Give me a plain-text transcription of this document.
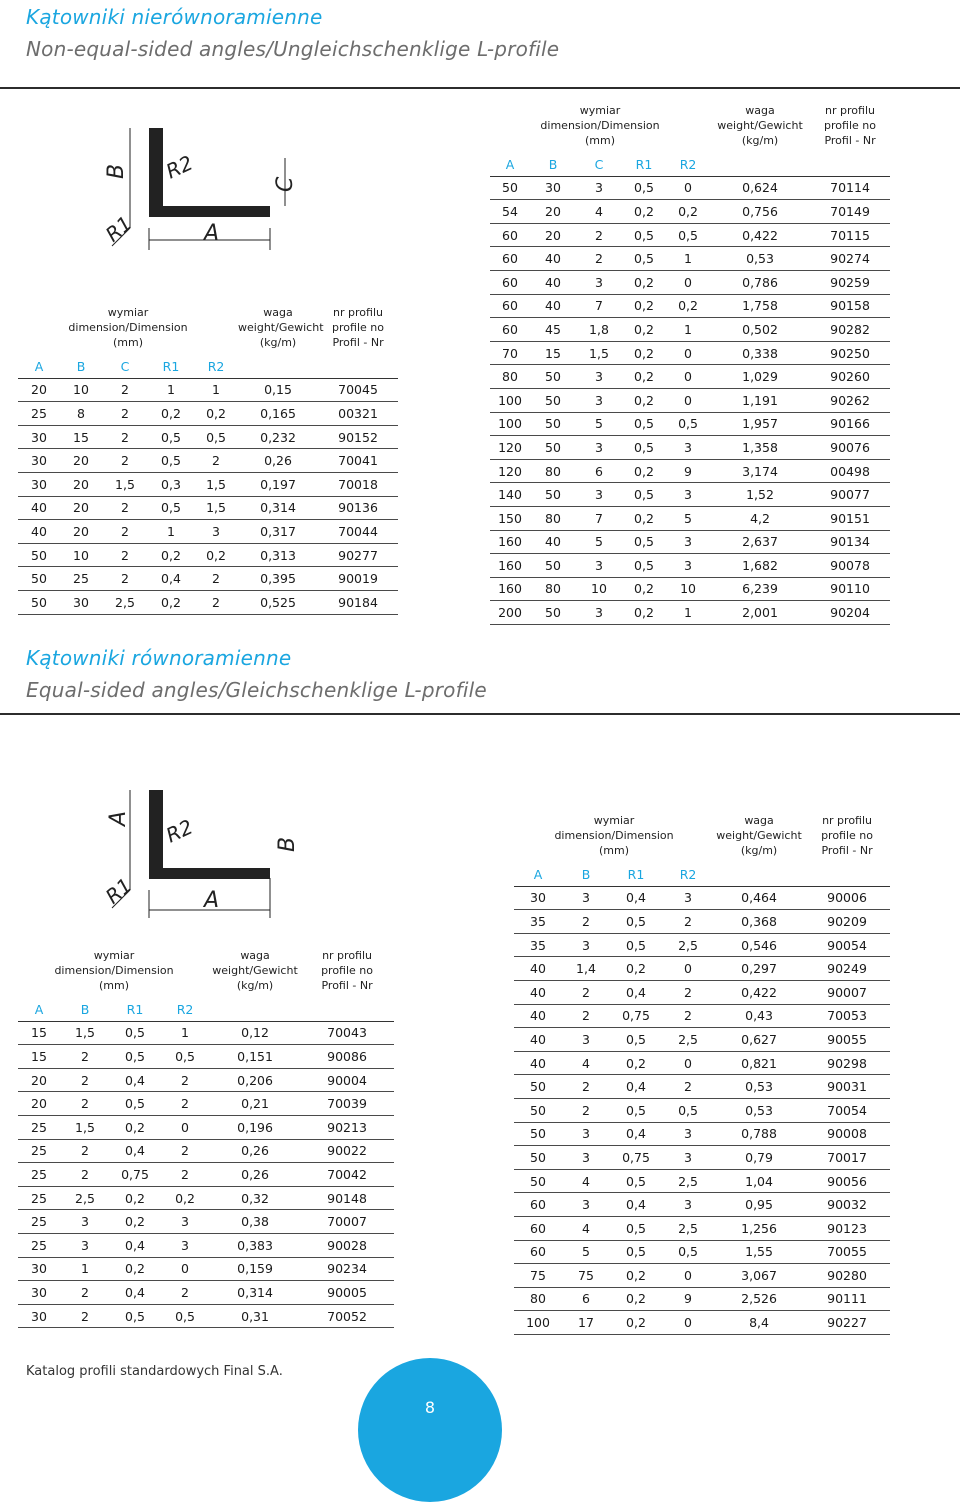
Kątowniki nierównoramienne
Non-equal-sided angles/Ungleichschenklige L-profile
B R2
C
R1	A
wymiar
dimension/Dimension
(mm)					waga
weight/Gewicht
(kg/m)	nr profilu
profile no
Profil - Nr
A	B	C	R1	R2		
20	10	2	1	1	0,15	70045
25	8	2	0,2	0,2	0,165	00321
30	15	2	0,5	0,5	0,232	90152
30	20	2	0,5	2	0,26	70041
30	20	1,5	0,3	1,5	0,197	70018
40	20	2	0,5	1,5	0,314	90136
40	20	2	1	3	0,317	70044
50	10	2	0,2	0,2	0,313	90277
50	25	2	0,4	2	0,395	90019
50	30	2,5	0,2	2	0,525	90184
wymiar
dimension/Dimension
(mm)					waga
weight/Gewicht
(kg/m)	nr profilu
profile no
Profil - Nr
A	B	C	R1	R2		
50	30	3	0,5	0	0,624	70114
54	20	4	0,2	0,2	0,756	70149
60	20	2	0,5	0,5	0,422	70115
60	40	2	0,5	1	0,53	90274
60	40	3	0,2	0	0,786	90259
60	40	7	0,2	0,2	1,758	90158
60	45	1,8	0,2	1	0,502	90282
70	15	1,5	0,2	0	0,338	90250
80	50	3	0,2	0	1,029	90260
100	50	3	0,2	0	1,191	90262
100	50	5	0,5	0,5	1,957	90166
120	50	3	0,5	3	1,358	90076
120	80	6	0,2	9	3,174	00498
140	50	3	0,5	3	1,52	90077
150	80	7	0,2	5	4,2	90151
160	40	5	0,5	3	2,637	90134
160	50	3	0,5	3	1,682	90078
160	80	10	0,2	10	6,239	90110
200	50	3	0,2	1	2,001	90204
Kątowniki równoramienne
Equal-sided angles/Gleichschenklige L-profile
A R2	B
R1	A
wymiar
dimension/Dimension
(mm)				waga
weight/Gewicht
(kg/m)	nr profilu
profile no
Profil - Nr
A	B	R1	R2		
15	1,5	0,5	1	0,12	70043
15	2	0,5	0,5	0,151	90086
20	2	0,4	2	0,206	90004
20	2	0,5	2	0,21	70039
25	1,5	0,2	0	0,196	90213
25	2	0,4	2	0,26	90022
25	2	0,75	2	0,26	70042
25	2,5	0,2	0,2	0,32	90148
25	3	0,2	3	0,38	70007
25	3	0,4	3	0,383	90028
30	1	0,2	0	0,159	90234
30	2	0,4	2	0,314	90005
30	2	0,5	0,5	0,31	70052
wymiar
dimension/Dimension
(mm)				waga
weight/Gewicht
(kg/m)	nr profilu
profile no
Profil - Nr
A	B	R1	R2		
30	3	0,4	3	0,464	90006
35	2	0,5	2	0,368	90209
35	3	0,5	2,5	0,546	90054
40	1,4	0,2	0	0,297	90249
40	2	0,4	2	0,422	90007
40	2	0,75	2	0,43	70053
40	3	0,5	2,5	0,627	90055
40	4	0,2	0	0,821	90298
50	2	0,4	2	0,53	90031
50	2	0,5	0,5	0,53	70054
50	3	0,4	3	0,788	90008
50	3	0,75	3	0,79	70017
50	4	0,5	2,5	1,04	90056
60	3	0,4	3	0,95	90032
60	4	0,5	2,5	1,256	90123
60	5	0,5	0,5	1,55	70055
75	75	0,2	0	3,067	90280
80	6	0,2	9	2,526	90111
100	17	0,2	0	8,4	90227
Katalog profili standardowych Final S.A.
8
